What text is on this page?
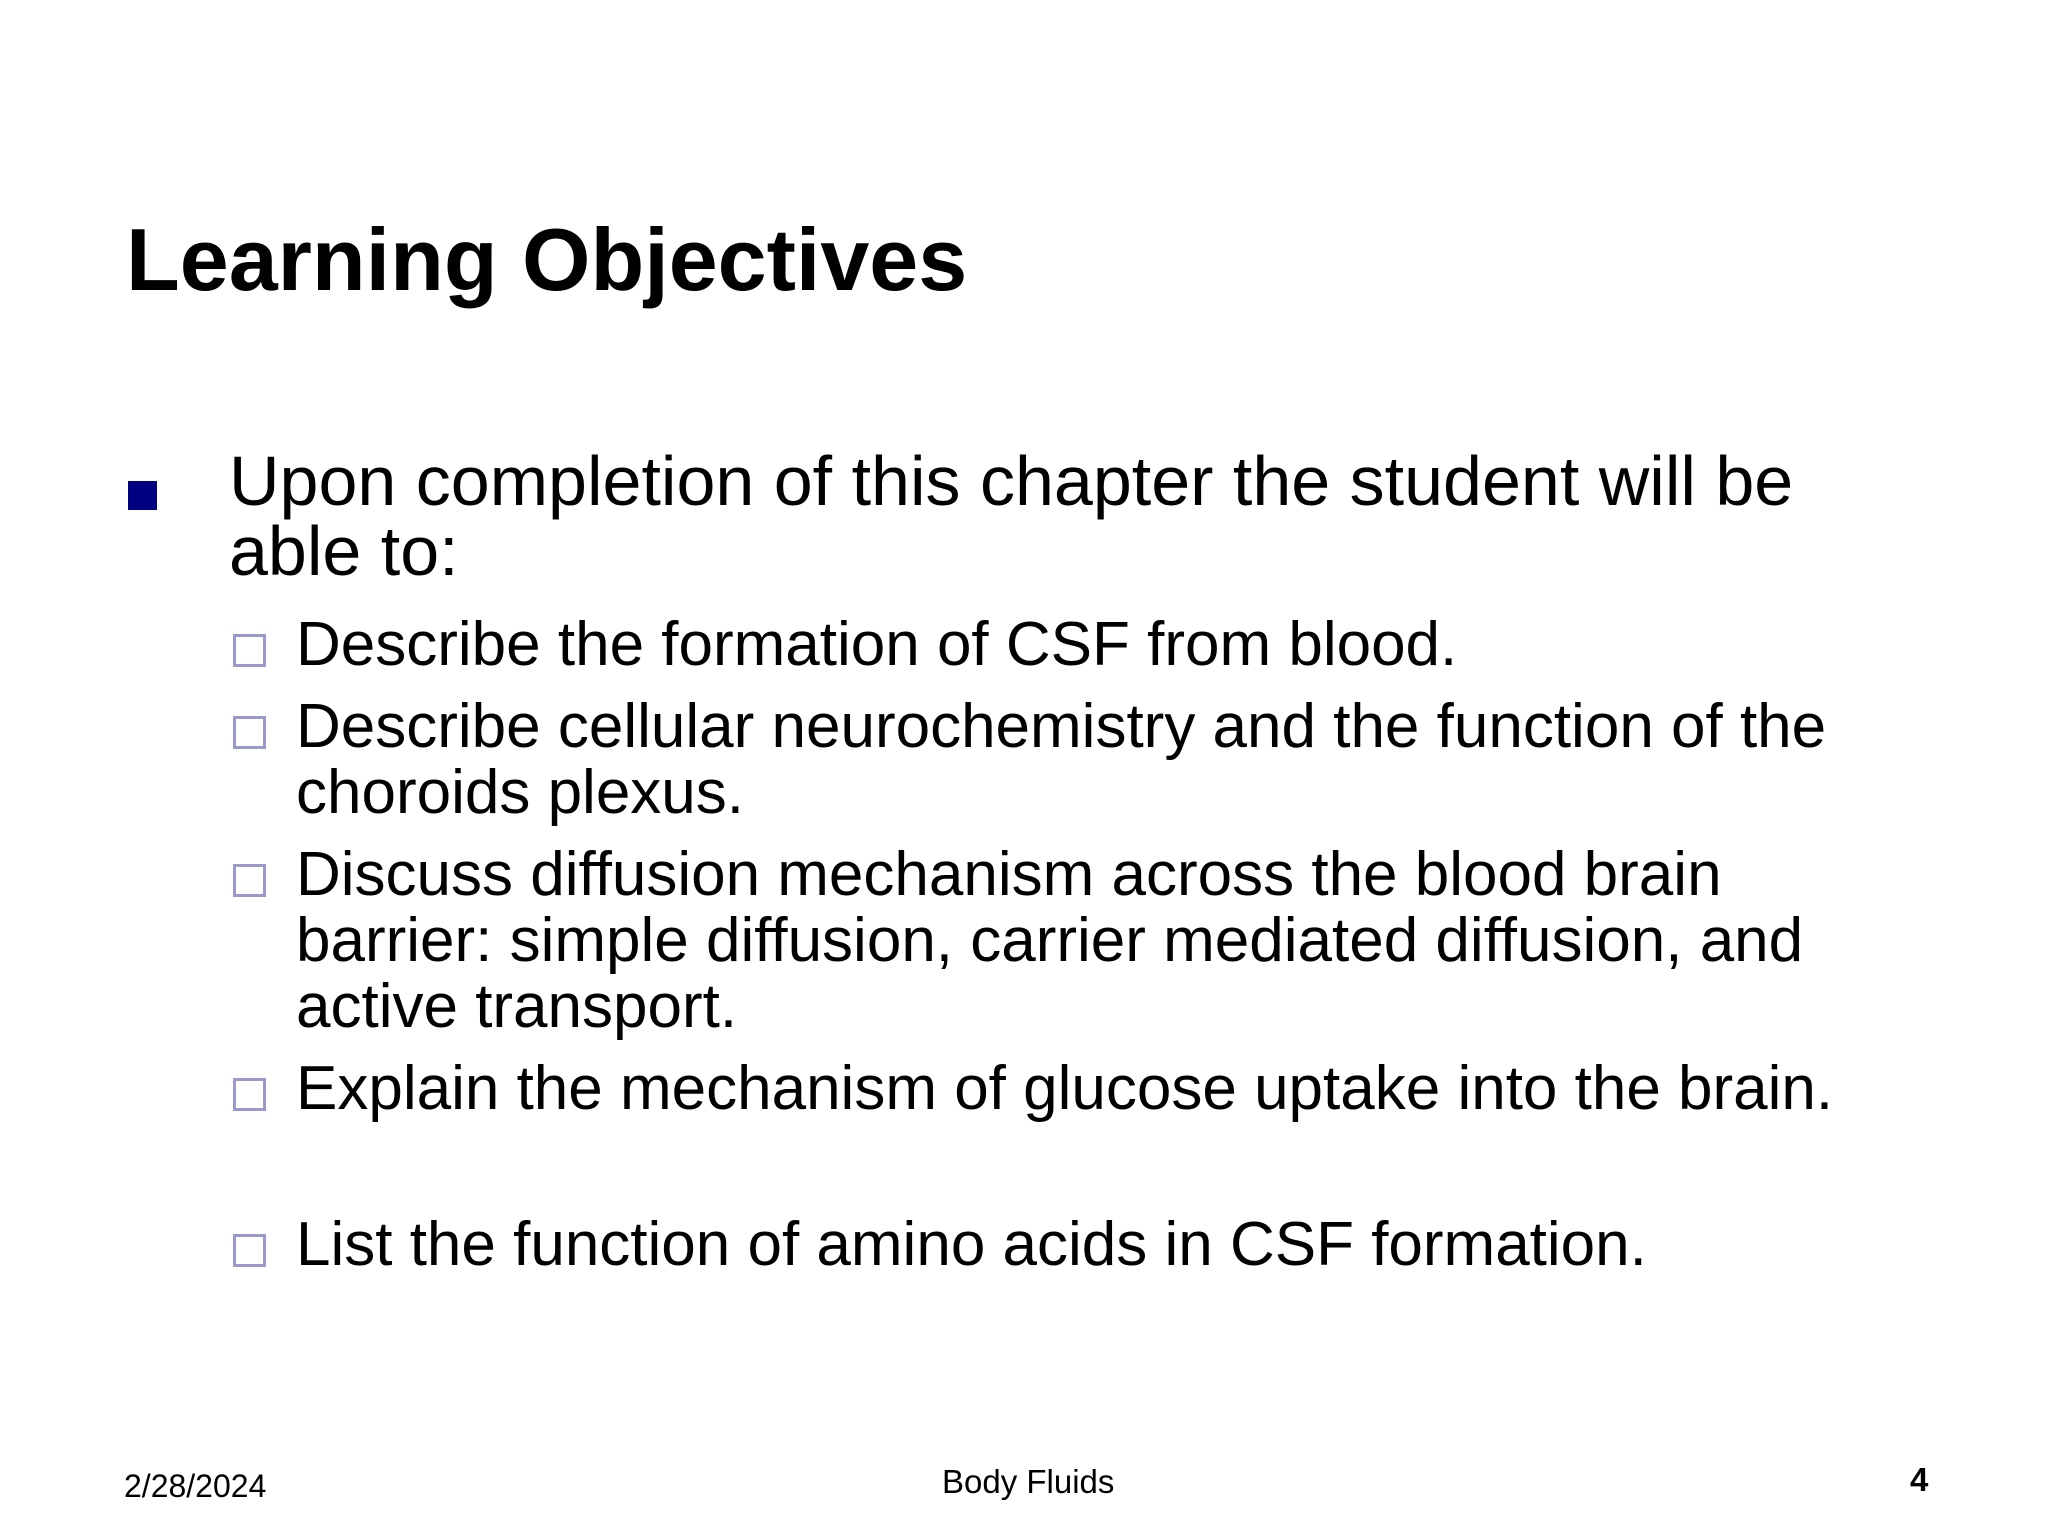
Learning Objectives
Upon completion of this chapter the student will be able to:
Describe the formation of CSF from blood.
Describe cellular neurochemistry and the function of the choroids plexus.
Discuss diffusion mechanism across the blood brain barrier: simple diffusion, carrier mediated diffusion, and active transport.
Explain the mechanism of glucose uptake into the brain.
List the function of amino acids in CSF formation.
2/28/2024	Body Fluids	4
